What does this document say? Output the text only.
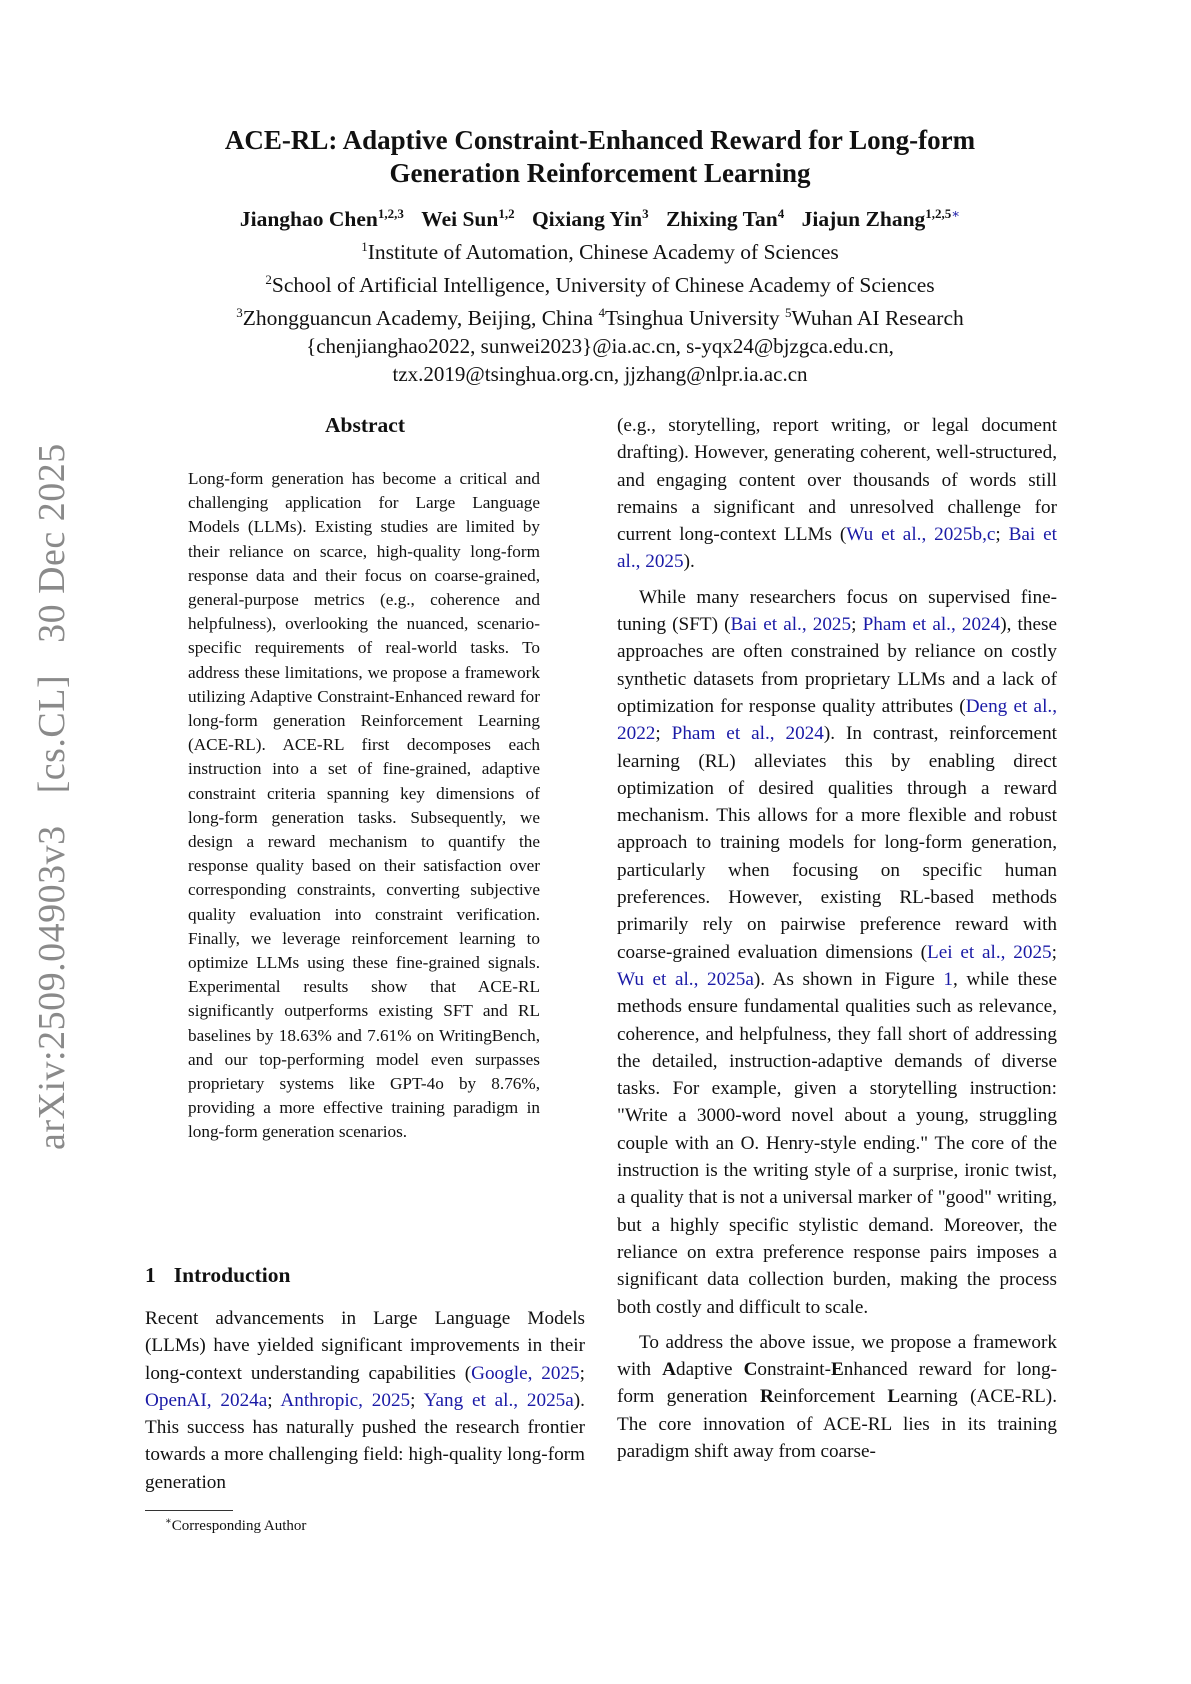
arXiv:2509.04903v3 [cs.CL] 30 Dec 2025
ACE-RL: Adaptive Constraint-Enhanced Reward for Long-form
Generation Reinforcement Learning
Jianghao Chen$^{1,2,3}$ Wei Sun$^{1,2}$ Qixiang Yin$^3$ Zhixing Tan$^4$ Jiajun Zhang$^{1,2,5∗}$
$^1$Institute of Automation, Chinese Academy of Sciences
$^2$School of Artificial Intelligence, University of Chinese Academy of Sciences
$^3$Zhongguancun Academy, Beijing, China $^4$Tsinghua University $^5$Wuhan AI Research
{chenjianghao2022, sunwei2023}@ia.ac.cn, s-yqx24@bjzgca.edu.cn,
tzx.2019@tsinghua.org.cn, jjzhang@nlpr.ia.ac.cn
Abstract
Long-form generation has become a critical and challenging application for Large Language Models (LLMs). Existing studies are limited by their reliance on scarce, high-quality long-form response data and their focus on coarse-grained, general-purpose metrics (e.g., coherence and helpfulness), overlooking the nuanced, scenario-specific requirements of real-world tasks. To address these limitations, we propose a framework utilizing Adaptive Constraint-Enhanced reward for long-form generation Reinforcement Learning (ACE-RL). ACE-RL first decomposes each instruction into a set of fine-grained, adaptive constraint criteria spanning key dimensions of long-form generation tasks. Subsequently, we design a reward mechanism to quantify the response quality based on their satisfaction over corresponding constraints, converting subjective quality evaluation into constraint verification. Finally, we leverage reinforcement learning to optimize LLMs using these fine-grained signals. Experimental results show that ACE-RL significantly outperforms existing SFT and RL baselines by 18.63% and 7.61% on WritingBench, and our top-performing model even surpasses proprietary systems like GPT-4o by 8.76%, providing a more effective training paradigm in long-form generation scenarios.
1 Introduction

Recent advancements in Large Language Models (LLMs) have yielded significant improvements in their long-context understanding capabilities (Google, 2025; OpenAI, 2024a; Anthropic, 2025; Yang et al., 2025a). This success has naturally pushed the research frontier towards a more challenging field: high-quality long-form generation

(e.g., storytelling, report writing, or legal document drafting). However, generating coherent, well-structured, and engaging content over thousands of words still remains a significant and unresolved challenge for current long-context LLMs (Wu et al., 2025b,c; Bai et al., 2025).

While many researchers focus on supervised fine-tuning (SFT) (Bai et al., 2025; Pham et al., 2024), these approaches are often constrained by reliance on costly synthetic datasets from proprietary LLMs and a lack of optimization for response quality attributes (Deng et al., 2022; Pham et al., 2024). In contrast, reinforcement learning (RL) alleviates this by enabling direct optimization of desired qualities through a reward mechanism. This allows for a more flexible and robust approach to training models for long-form generation, particularly when focusing on specific human preferences. However, existing RL-based methods primarily rely on pairwise preference reward with coarse-grained evaluation dimensions (Lei et al., 2025; Wu et al., 2025a). As shown in Figure 1, while these methods ensure fundamental qualities such as relevance, coherence, and helpfulness, they fall short of addressing the detailed, instruction-adaptive demands of diverse tasks. For example, given a storytelling instruction: "Write a 3000-word novel about a young, struggling couple with an O. Henry-style ending." The core of the instruction is the writing style of a surprise, ironic twist, a quality that is not a universal marker of "good" writing, but a highly specific stylistic demand. Moreover, the reliance on extra preference response pairs imposes a significant data collection burden, making the process both costly and difficult to scale.

To address the above issue, we propose a framework with Adaptive Constraint-Enhanced reward for long-form generation Reinforcement Learning (ACE-RL). The core innovation of ACE-RL lies in its training paradigm shift away from coarse-

∗Corresponding Author
